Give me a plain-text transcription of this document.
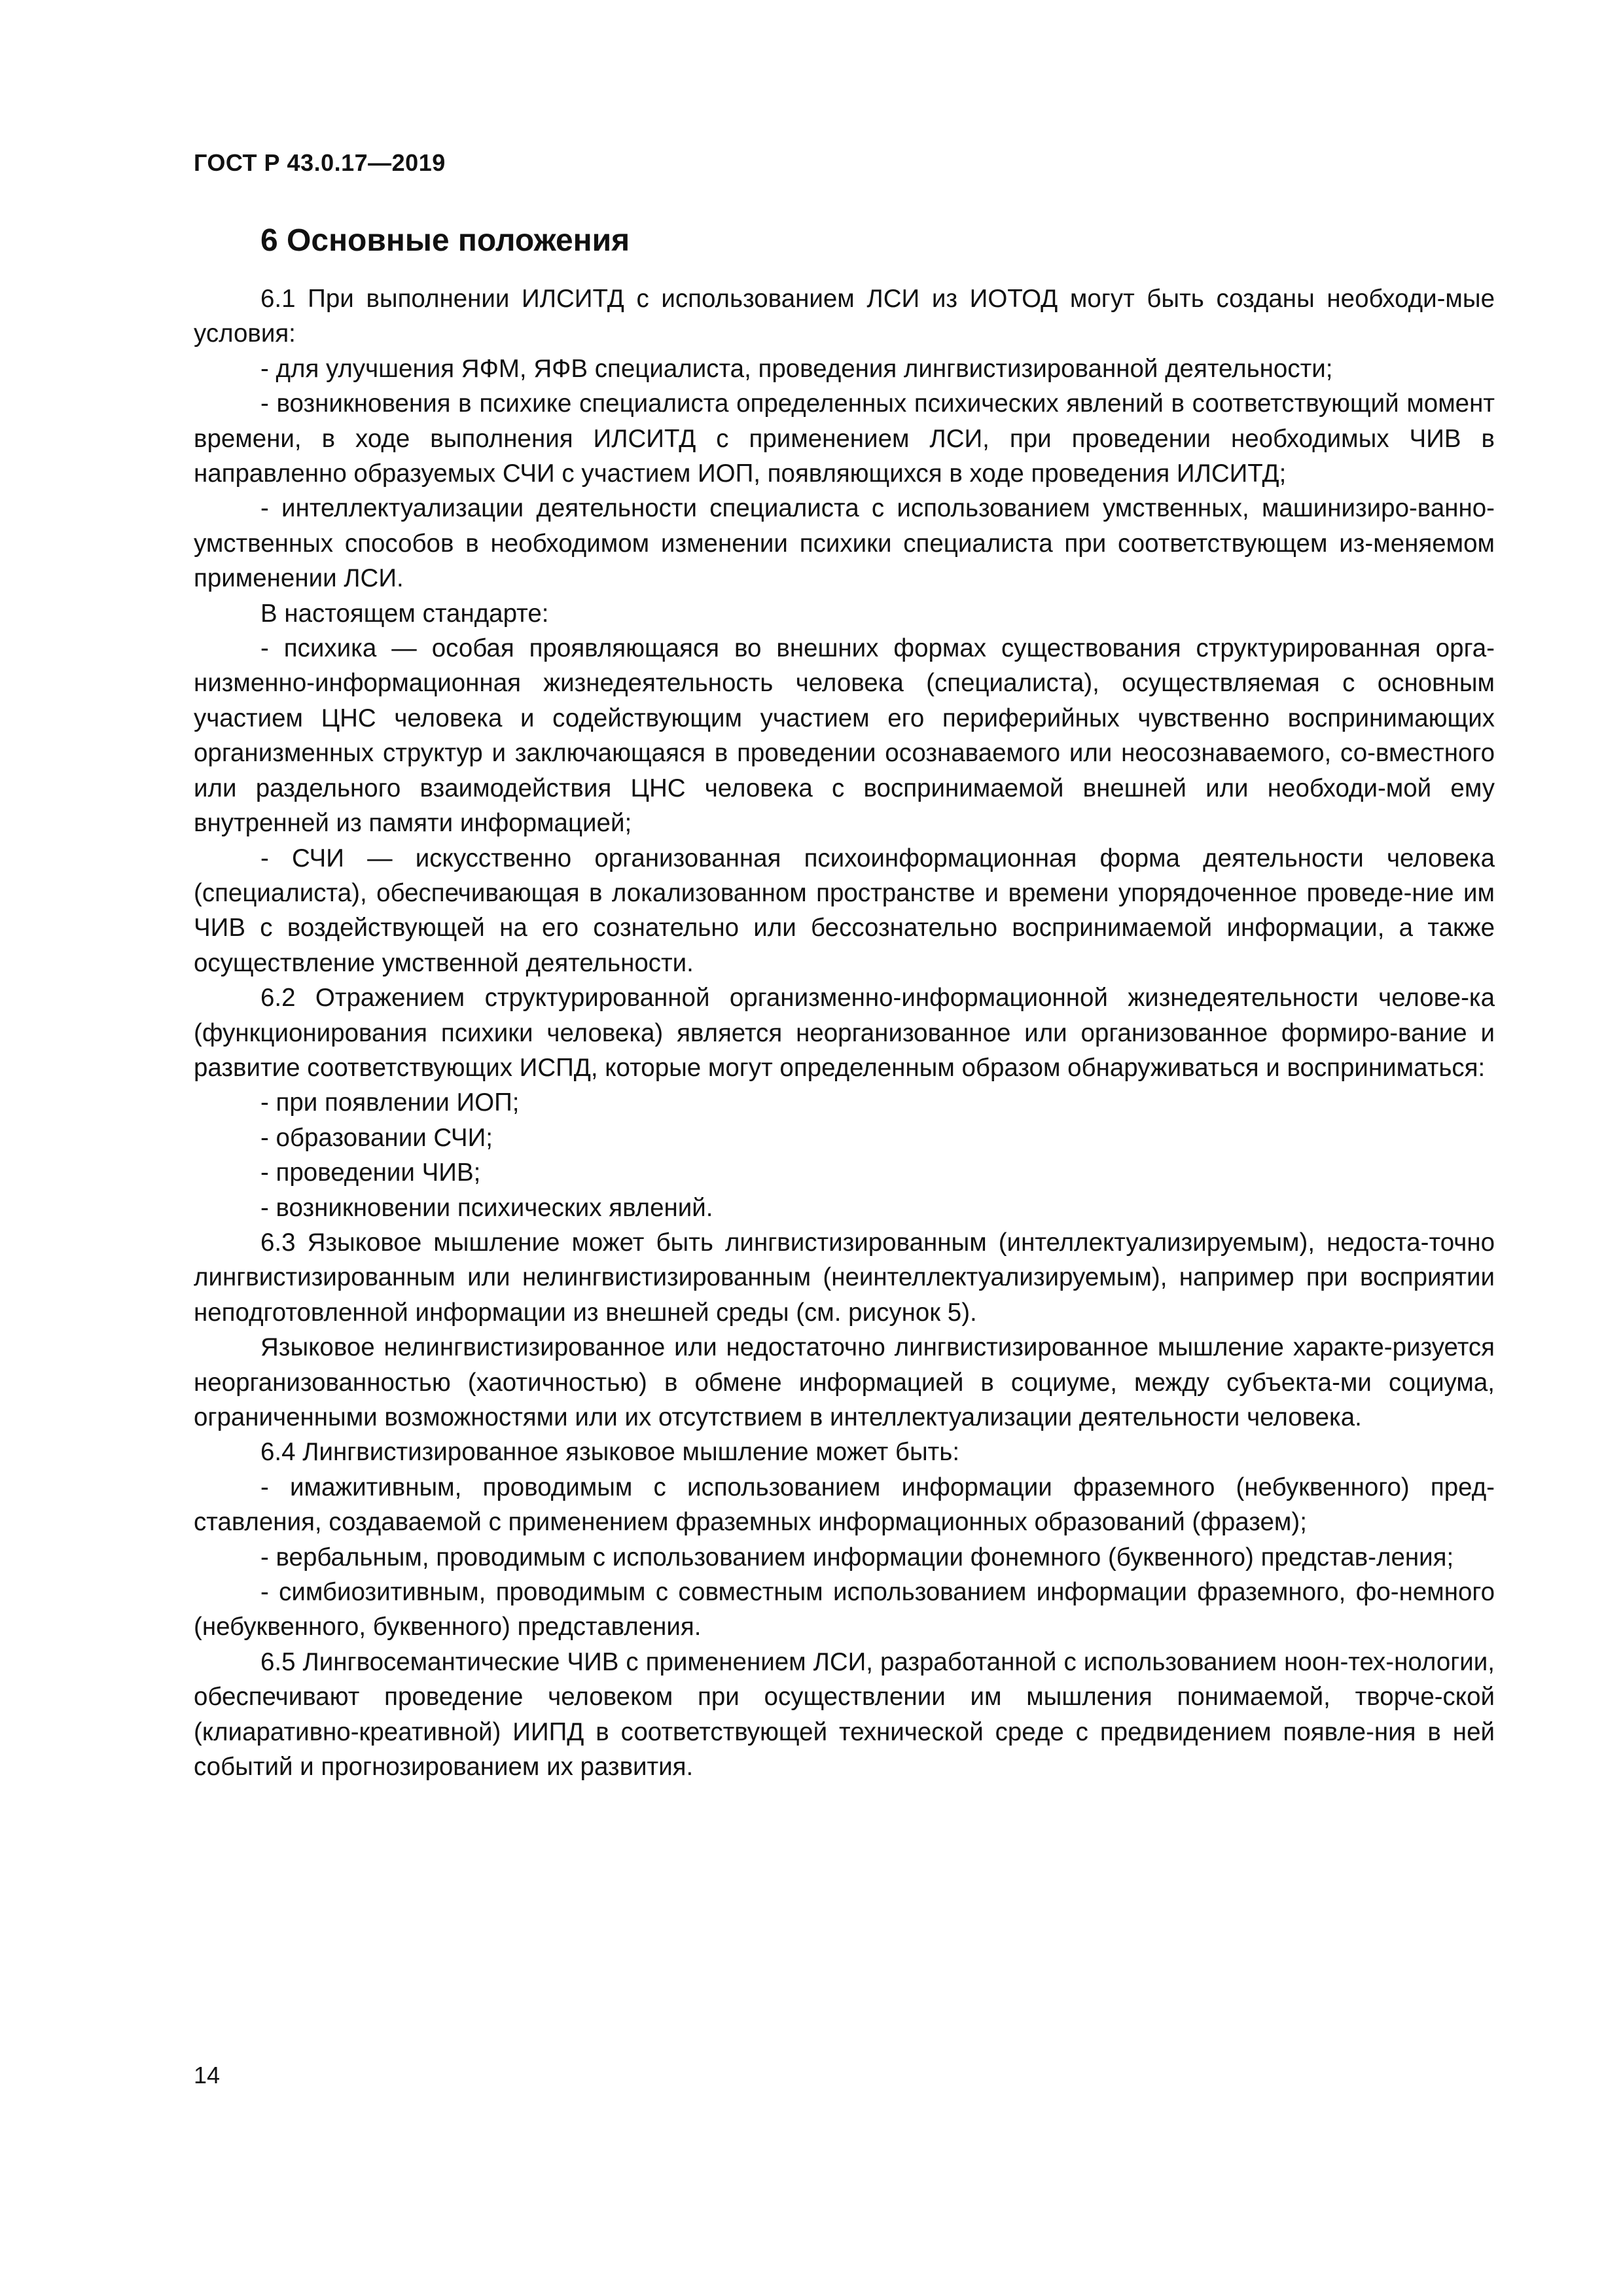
ГОСТ Р 43.0.17—2019
6 Основные положения

6.1 При выполнении ИЛСИТД с использованием ЛСИ из ИОТОД могут быть созданы необходи-мые условия:

- для улучшения ЯФМ, ЯФВ специалиста, проведения лингвистизированной деятельности;

- возникновения в психике специалиста определенных психических явлений в соответствующий момент времени, в ходе выполнения ИЛСИТД с применением ЛСИ, при проведении необходимых ЧИВ в направленно образуемых СЧИ с участием ИОП, появляющихся в ходе проведения ИЛСИТД;

- интеллектуализации деятельности специалиста с использованием умственных, машинизиро-ванно-умственных способов в необходимом изменении психики специалиста при соответствующем из-меняемом применении ЛСИ.

В настоящем стандарте:

- психика — особая проявляющаяся во внешних формах существования структурированная орга-низменно-информационная жизнедеятельность человека (специалиста), осуществляемая с основным участием ЦНС человека и содействующим участием его периферийных чувственно воспринимающих организменных структур и заключающаяся в проведении осознаваемого или неосознаваемого, со-вместного или раздельного взаимодействия ЦНС человека с воспринимаемой внешней или необходи-мой ему внутренней из памяти информацией;

- СЧИ — искусственно организованная психоинформационная форма деятельности человека (специалиста), обеспечивающая в локализованном пространстве и времени упорядоченное проведе-ние им ЧИВ с воздействующей на его сознательно или бессознательно воспринимаемой информации, а также осуществление умственной деятельности.

6.2 Отражением структурированной организменно-информационной жизнедеятельности челове-ка (функционирования психики человека) является неорганизованное или организованное формиро-вание и развитие соответствующих ИСПД, которые могут определенным образом обнаруживаться и восприниматься:

- при появлении ИОП;

- образовании СЧИ;

- проведении ЧИВ;

- возникновении психических явлений.

6.3 Языковое мышление может быть лингвистизированным (интеллектуализируемым), недоста-точно лингвистизированным или нелингвистизированным (неинтеллектуализируемым), например при восприятии неподготовленной информации из внешней среды (см. рисунок 5).

Языковое нелингвистизированное или недостаточно лингвистизированное мышление характе-ризуется неорганизованностью (хаотичностью) в обмене информацией в социуме, между субъекта-ми социума, ограниченными возможностями или их отсутствием в интеллектуализации деятельности человека.

6.4 Лингвистизированное языковое мышление может быть:

- имажитивным, проводимым с использованием информации фраземного (небуквенного) пред-ставления, создаваемой с применением фраземных информационных образований (фразем);

- вербальным, проводимым с использованием информации фонемного (буквенного) представ-ления;

- симбиозитивным, проводимым с совместным использованием информации фраземного, фо-немного (небуквенного, буквенного) представления.

6.5 Лингвосемантические ЧИВ с применением ЛСИ, разработанной с использованием ноон-тех-нологии, обеспечивают проведение человеком при осуществлении им мышления понимаемой, творче-ской (клиаративно-креативной) ИИПД в соответствующей технической среде с предвидением появле-ния в ней событий и прогнозированием их развития.

14
